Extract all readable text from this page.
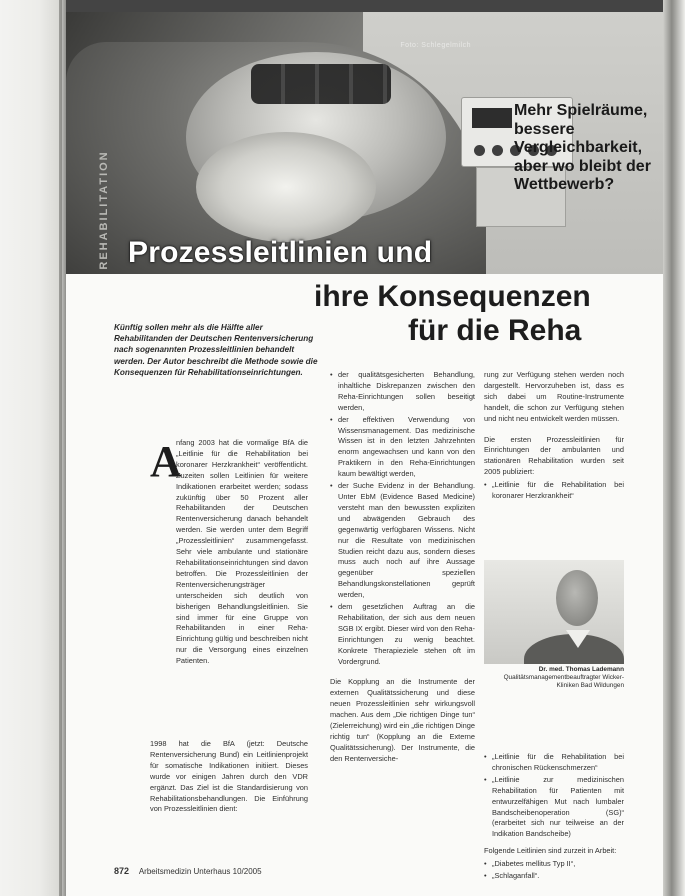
Foto: Schlegelmilch
REHABILITATION
Mehr Spielräume, bessere Vergleichbarkeit, aber wo bleibt der Wettbewerb?
Prozessleitlinien und
ihre Konsequenzen
für die Reha
Künftig sollen mehr als die Hälfte aller Rehabilitanden der Deutschen Rentenversicherung nach sogenannten Prozessleitlinien behandelt werden. Der Autor beschreibt die Methode sowie die Konsequenzen für Rehabilitationseinrichtungen.
A

nfang 2003 hat die vormalige BfA die „Leitlinie für die Rehabilitation bei koronarer Herzkrankheit“ veröffentlicht. Zuzeiten sollen Leitlinien für weitere Indikationen erarbeitet werden; sodass zukünftig über 50 Prozent aller Rehabilitanden der Deutschen Rentenversicherung danach behandelt werden. Sie werden unter dem Begriff „Prozessleitlinien“ zusammengefasst. Sehr viele ambulante und stationäre Rehabilitationseinrichtungen sind davon betroffen. Die Prozessleitlinien der Rentenversicherungsträger unterscheiden sich deutlich von bisherigen Behandlungsleitlinien. Sie sind immer für eine Gruppe von Rehabilitanden in einer Reha-Einrichtung gültig und beschreiben nicht nur die Versorgung eines einzelnen Patienten.

1998 hat die BfA (jetzt: Deutsche Rentenversicherung Bund) ein Leitlinienprojekt für somatische Indikationen initiiert. Dieses wurde vor einigen Jahren durch den VDR ergänzt. Das Ziel ist die Standardisierung von Rehabilitationsbehandlungen. Die Einführung von Prozessleitlinien dient:

• der qualitätsgesicherten Behandlung, inhaltliche Diskrepanzen zwischen den Reha-Einrichtungen sollen beseitigt werden,
• der effektiven Verwendung von Wissensmanagement. Das medizinische Wissen ist in den letzten Jahrzehnten enorm angewachsen und kann von den Praktikern in den Reha-Einrichtungen kaum bewältigt werden,
• der Suche Evidenz in der Behandlung. Unter EbM (Evidence Based Medicine) versteht man den bewussten expliziten und abwägenden Gebrauch des gegenwärtig verfügbaren Wissens. Nicht nur die Resultate von medizinischen Studien reicht dazu aus, sondern dieses muss auch noch auf ihre Aussage gegenüber speziellen Behandlungskonstellationen geprüft werden,
• dem gesetzlichen Auftrag an die Rehabilitation, der sich aus dem neuen SGB IX ergibt. Dieser wird von den Reha-Einrichtungen zu wenig beachtet. Konkrete Therapieziele stehen oft im Vordergrund.

Die Kopplung an die Instrumente der externen Qualitätssicherung und diese neuen Prozessleitlinien sehr wirkungsvoll machen. Aus dem „Die richtigen Dinge tun“ (Zielerreichung) wird ein „die richtigen Dinge richtig tun“ (Kopplung an die Externe Qualitätssicherung). Der Instrumente, die den Rentenversiche-

rung zur Verfügung stehen werden noch dargestellt. Hervorzuheben ist, dass es sich dabei um Routine-Instrumente handelt, die schon zur Verfügung stehen und nicht neu entwickelt werden müssen.

Die ersten Prozessleitlinien für Einrichtungen der ambulanten und stationären Rehabilitation wurden seit 2005 publiziert:

• „Leitlinie für die Rehabilitation bei koronarer Herzkrankheit“
Dr. med. Thomas Lademann
Qualitätsmanagementbeauftragter Wicker-Kliniken Bad Wildungen
• „Leitlinie für die Rehabilitation bei chronischen Rückenschmerzen“
• „Leitlinie zur medizinischen Rehabilitation für Patienten mit entwurzelfähigen Mut nach lumbaler Bandscheibenoperation (SG)“ (erarbeitet sich nur teilweise an der Indikation Bandscheibe)

Folgende Leitlinien sind zurzeit in Arbeit:

• „Diabetes mellitus Typ II“,
• „Schlaganfall“.
872 Arbeitsmedizin Unterhaus 10/2005
